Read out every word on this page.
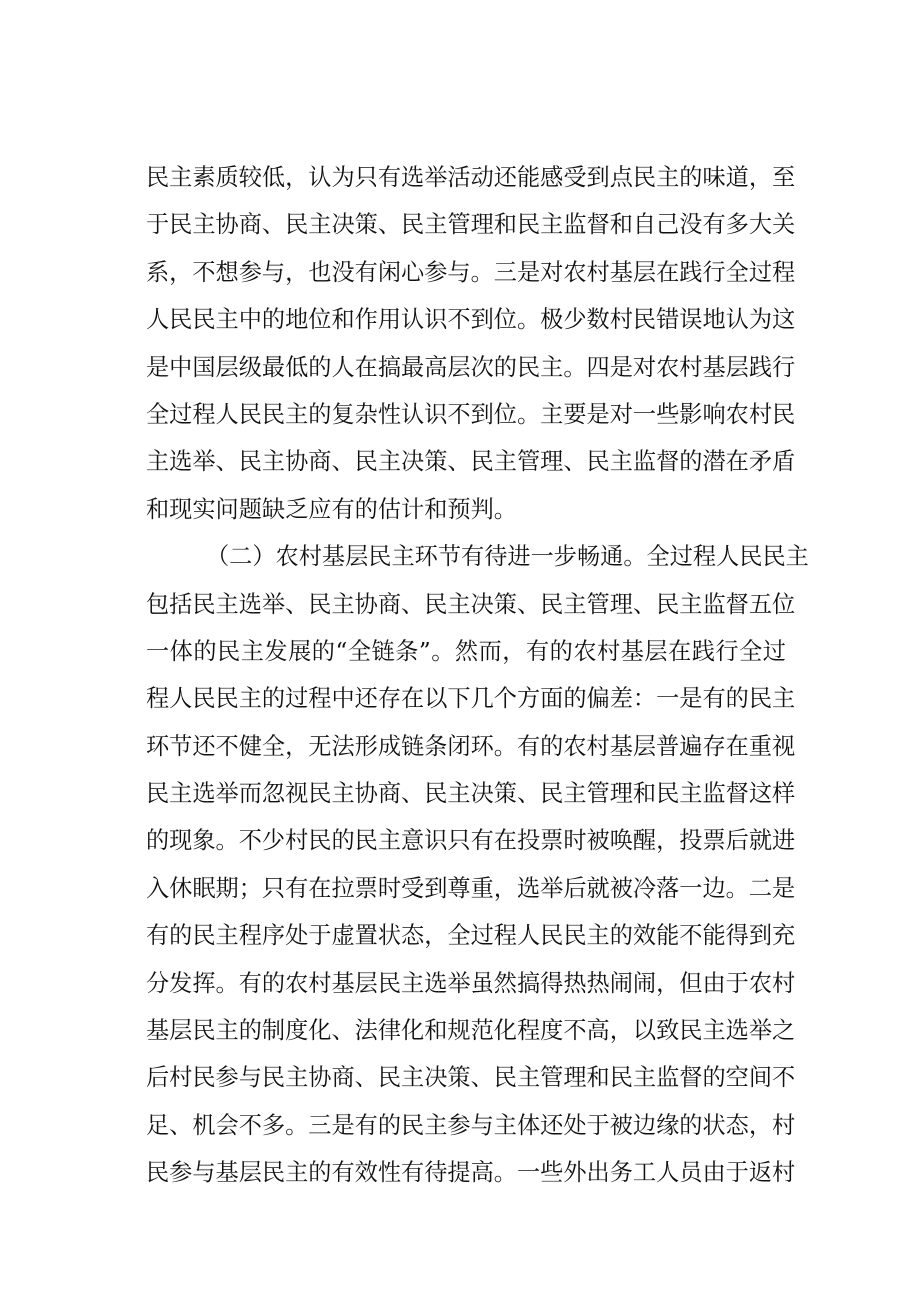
民主素质较低，认为只有选举活动还能感受到点民主的味道，至
于民主协商、民主决策、民主管理和民主监督和自己没有多大关
系，不想参与，也没有闲心参与。三是对农村基层在践行全过程
人民民主中的地位和作用认识不到位。极少数村民错误地认为这
是中国层级最低的人在搞最高层次的民主。四是对农村基层践行
全过程人民民主的复杂性认识不到位。主要是对一些影响农村民
主选举、民主协商、民主决策、民主管理、民主监督的潜在矛盾
和现实问题缺乏应有的估计和预判。
（二）农村基层民主环节有待进一步畅通。全过程人民民主
包括民主选举、民主协商、民主决策、民主管理、民主监督五位
一体的民主发展的“全链条”。然而，有的农村基层在践行全过
程人民民主的过程中还存在以下几个方面的偏差：一是有的民主
环节还不健全，无法形成链条闭环。有的农村基层普遍存在重视
民主选举而忽视民主协商、民主决策、民主管理和民主监督这样
的现象。不少村民的民主意识只有在投票时被唤醒，投票后就进
入休眠期；只有在拉票时受到尊重，选举后就被冷落一边。二是
有的民主程序处于虚置状态，全过程人民民主的效能不能得到充
分发挥。有的农村基层民主选举虽然搞得热热闹闹，但由于农村
基层民主的制度化、法律化和规范化程度不高，以致民主选举之
后村民参与民主协商、民主决策、民主管理和民主监督的空间不
足、机会不多。三是有的民主参与主体还处于被边缘的状态，村
民参与基层民主的有效性有待提高。一些外出务工人员由于返村
